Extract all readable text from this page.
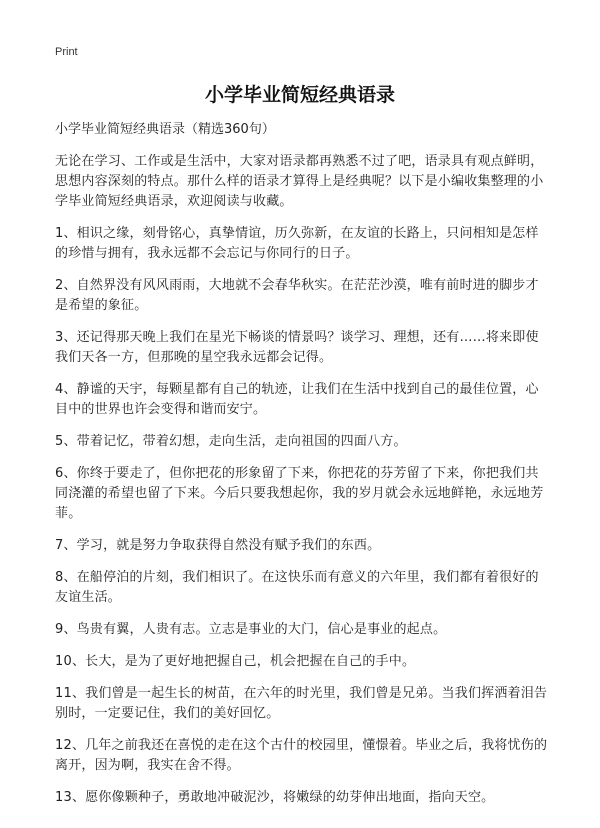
Print
小学毕业简短经典语录

小学毕业简短经典语录（精选360句）

无论在学习、工作或是生活中，大家对语录都再熟悉不过了吧，语录具有观点鲜明，思想内容深刻的特点。那什么样的语录才算得上是经典呢？以下是小编收集整理的小学毕业简短经典语录，欢迎阅读与收藏。

1、相识之缘，刻骨铭心，真挚情谊，历久弥新，在友谊的长路上，只问相知是怎样的珍惜与拥有，我永远都不会忘记与你同行的日子。

2、自然界没有风风雨雨，大地就不会春华秋实。在茫茫沙漠，唯有前时进的脚步才是希望的象征。

3、还记得那天晚上我们在星光下畅谈的情景吗？谈学习、理想，还有……将来即使我们天各一方，但那晚的星空我永远都会记得。

4、静谧的天宇，每颗星都有自己的轨迹，让我们在生活中找到自己的最佳位置，心目中的世界也许会变得和谐而安宁。

5、带着记忆，带着幻想，走向生活，走向祖国的四面八方。

6、你终于要走了，但你把花的形象留了下来，你把花的芬芳留了下来，你把我们共同浇灌的希望也留了下来。今后只要我想起你，我的岁月就会永远地鲜艳，永远地芳菲。

7、学习，就是努力争取获得自然没有赋予我们的东西。

8、在船停泊的片刻，我们相识了。在这快乐而有意义的六年里，我们都有着很好的友谊生活。

9、鸟贵有翼，人贵有志。立志是事业的大门，信心是事业的起点。

10、长大，是为了更好地把握自己，机会把握在自己的手中。

11、我们曾是一起生长的树苗，在六年的时光里，我们曾是兄弟。当我们挥洒着泪告别时，一定要记住，我们的美好回忆。

12、几年之前我还在喜悦的走在这个古什的校园里，懂憬着。毕业之后，我将忧伤的离开，因为啊，我实在舍不得。

13、愿你像颗种子，勇敢地冲破泥沙，将嫩绿的幼芽伸出地面，指向天空。
